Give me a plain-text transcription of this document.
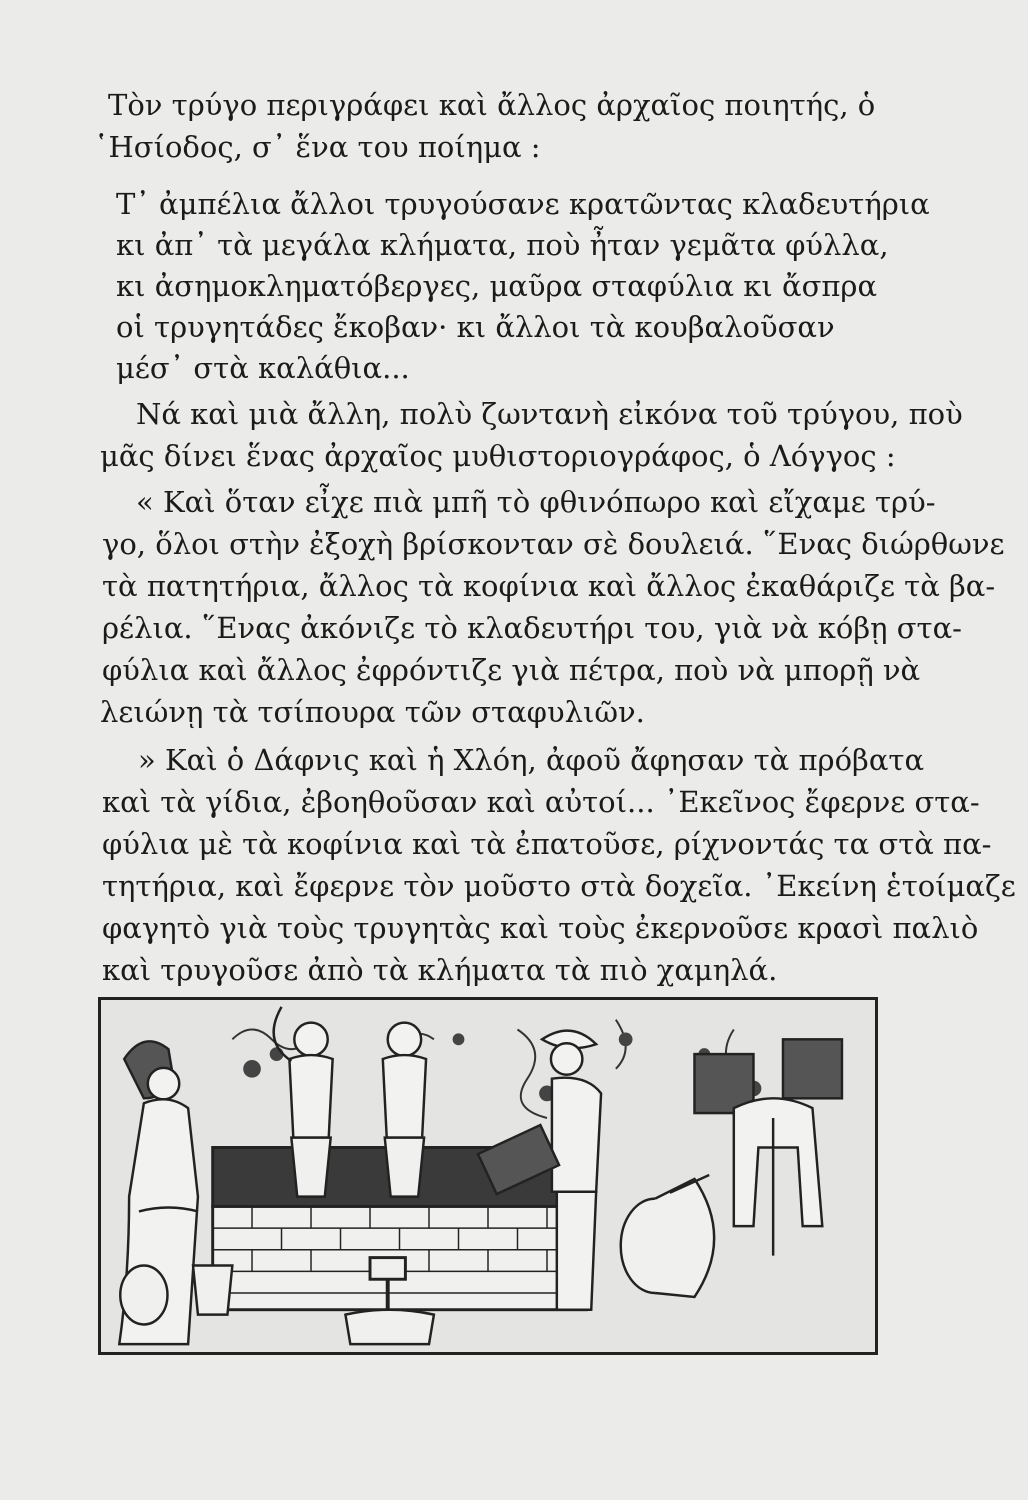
Τὸν τρύγο περιγράφει καὶ ἄλλος ἀρχαῖος ποιητής, ὁ
῾Ησίοδος, σ᾽ ἕνα του ποίημα :

Τ᾽ ἀμπέλια ἄλλοι τρυγούσανε κρατῶντας κλαδευτήρια
κι ἀπ᾽ τὰ μεγάλα κλήματα, ποὺ ἦταν γεμᾶτα φύλλα,
κι ἀσημοκληματόβεργες, μαῦρα σταφύλια κι ἄσπρα
οἱ τρυγητάδες ἔκοβαν· κι ἄλλοι τὰ κουβαλοῦσαν
μέσ᾽ στὰ καλάθια...

Νά καὶ μιὰ ἄλλη, πολὺ ζωντανὴ εἰκόνα τοῦ τρύγου, ποὺ
μᾶς δίνει ἕνας ἀρχαῖος μυθιστοριογράφος, ὁ Λόγγος :

« Καὶ ὅταν εἶχε πιὰ μπῆ τὸ φθινόπωρο καὶ εἴχαμε τρύ-
γο, ὅλοι στὴν ἐξοχὴ βρίσκονταν σὲ δουλειά. ῞Ενας διώρθωνε
τὰ πατητήρια, ἄλλος τὰ κοφίνια καὶ ἄλλος ἐκαθάριζε τὰ βα-
ρέλια. ῞Ενας ἀκόνιζε τὸ κλαδευτήρι του, γιὰ νὰ κόβῃ στα-
φύλια καὶ ἄλλος ἐφρόντιζε γιὰ πέτρα, ποὺ νὰ μπορῇ νὰ
λειώνῃ τὰ τσίπουρα τῶν σταφυλιῶν.

» Καὶ ὁ Δάφνις καὶ ἡ Χλόη, ἀφοῦ ἄφησαν τὰ πρόβατα
καὶ τὰ γίδια, ἐβοηθοῦσαν καὶ αὐτοί... ᾽Εκεῖνος ἔφερνε στα-
φύλια μὲ τὰ κοφίνια καὶ τὰ ἐπατοῦσε, ρίχνοντάς τα στὰ πα-
τητήρια, καὶ ἔφερνε τὸν μοῦστο στὰ δοχεῖα. ᾽Εκείνη ἑτοίμαζε
φαγητὸ γιὰ τοὺς τρυγητὰς καὶ τοὺς ἐκερνοῦσε κρασὶ παλιὸ
καὶ τρυγοῦσε ἀπὸ τὰ κλήματα τὰ πιὸ χαμηλά.
